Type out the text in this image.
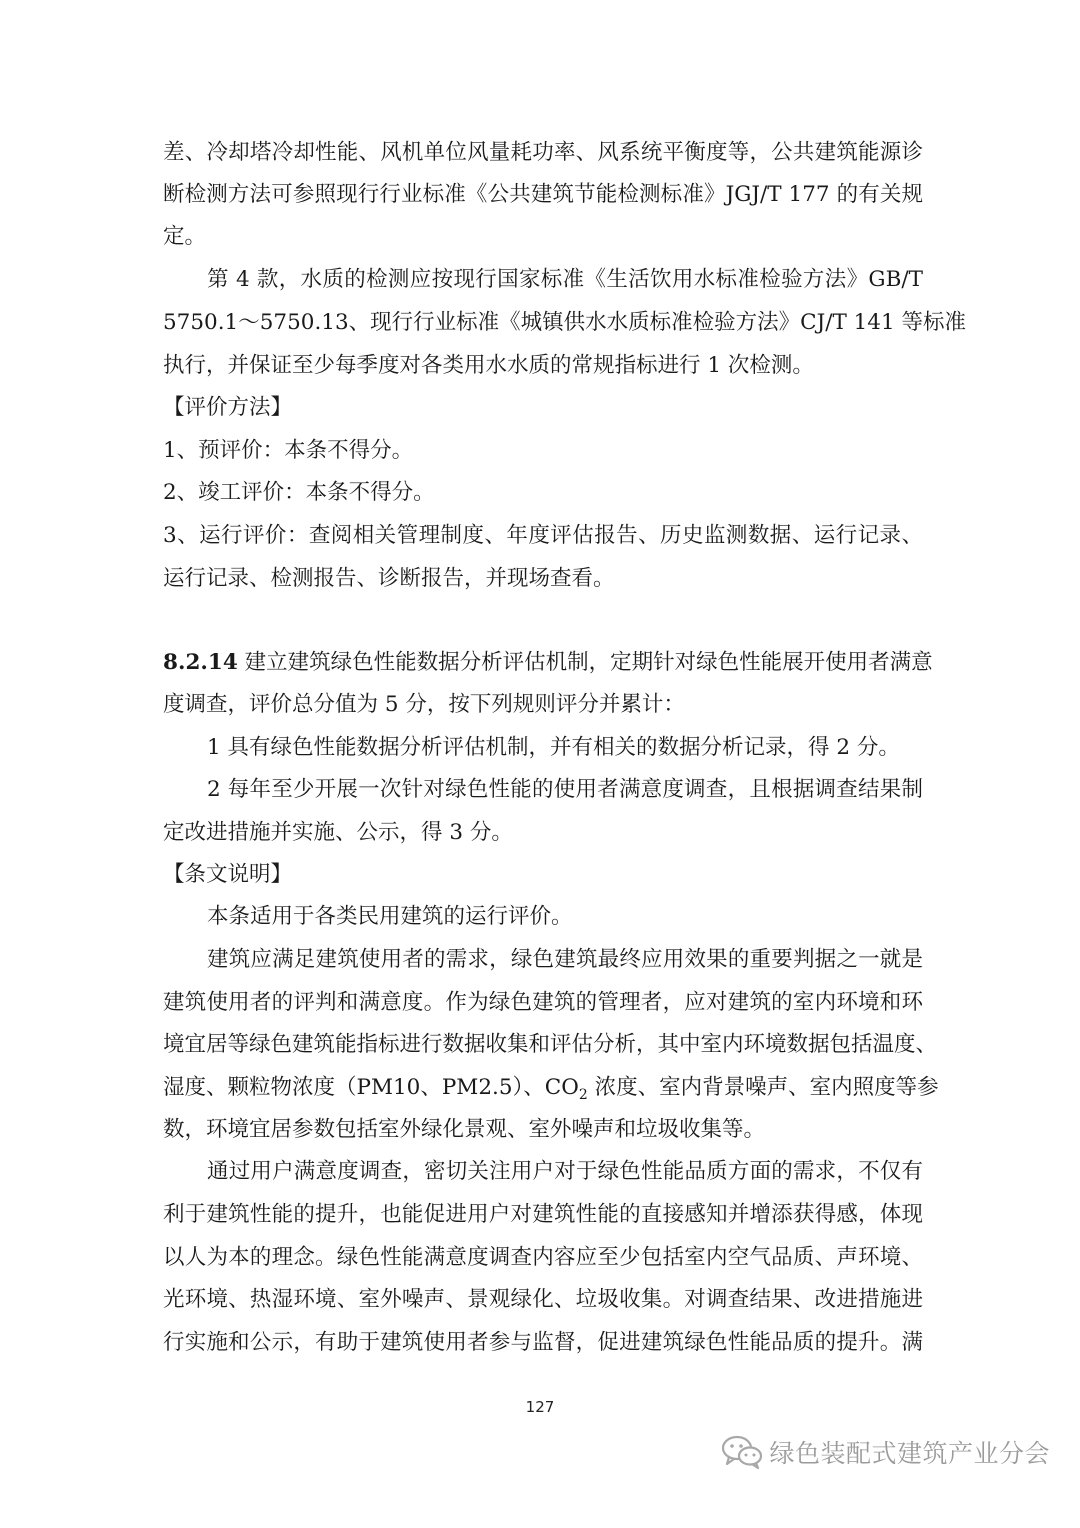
差、冷却塔冷却性能、风机单位风量耗功率、风系统平衡度等，公共建筑能源诊
断检测方法可参照现行行业标准《公共建筑节能检测标准》JGJ/T 177 的有关规
定。
第 4 款，水质的检测应按现行国家标准《生活饮用水标准检验方法》GB/T
5750.1～5750.13、现行行业标准《城镇供水水质标准检验方法》CJ/T 141 等标准
执行，并保证至少每季度对各类用水水质的常规指标进行 1 次检测。
【评价方法】
1、预评价：本条不得分。
2、竣工评价：本条不得分。
3、运行评价：查阅相关管理制度、年度评估报告、历史监测数据、运行记录、
运行记录、检测报告、诊断报告，并现场查看。
8.2.14 建立建筑绿色性能数据分析评估机制，定期针对绿色性能展开使用者满意
度调查，评价总分值为 5 分，按下列规则评分并累计：
1 具有绿色性能数据分析评估机制，并有相关的数据分析记录，得 2 分。
2 每年至少开展一次针对绿色性能的使用者满意度调查，且根据调查结果制
定改进措施并实施、公示，得 3 分。
【条文说明】
本条适用于各类民用建筑的运行评价。
建筑应满足建筑使用者的需求，绿色建筑最终应用效果的重要判据之一就是
建筑使用者的评判和满意度。作为绿色建筑的管理者，应对建筑的室内环境和环
境宜居等绿色建筑能指标进行数据收集和评估分析，其中室内环境数据包括温度、
湿度、颗粒物浓度（PM10、PM2.5）、$CO_2$ 浓度、室内背景噪声、室内照度等参
数，环境宜居参数包括室外绿化景观、室外噪声和垃圾收集等。
通过用户满意度调查，密切关注用户对于绿色性能品质方面的需求，不仅有
利于建筑性能的提升，也能促进用户对建筑性能的直接感知并增添获得感，体现
以人为本的理念。绿色性能满意度调查内容应至少包括室内空气品质、声环境、
光环境、热湿环境、室外噪声、景观绿化、垃圾收集。对调查结果、改进措施进
行实施和公示，有助于建筑使用者参与监督，促进建筑绿色性能品质的提升。满
127
绿色装配式建筑产业分会
